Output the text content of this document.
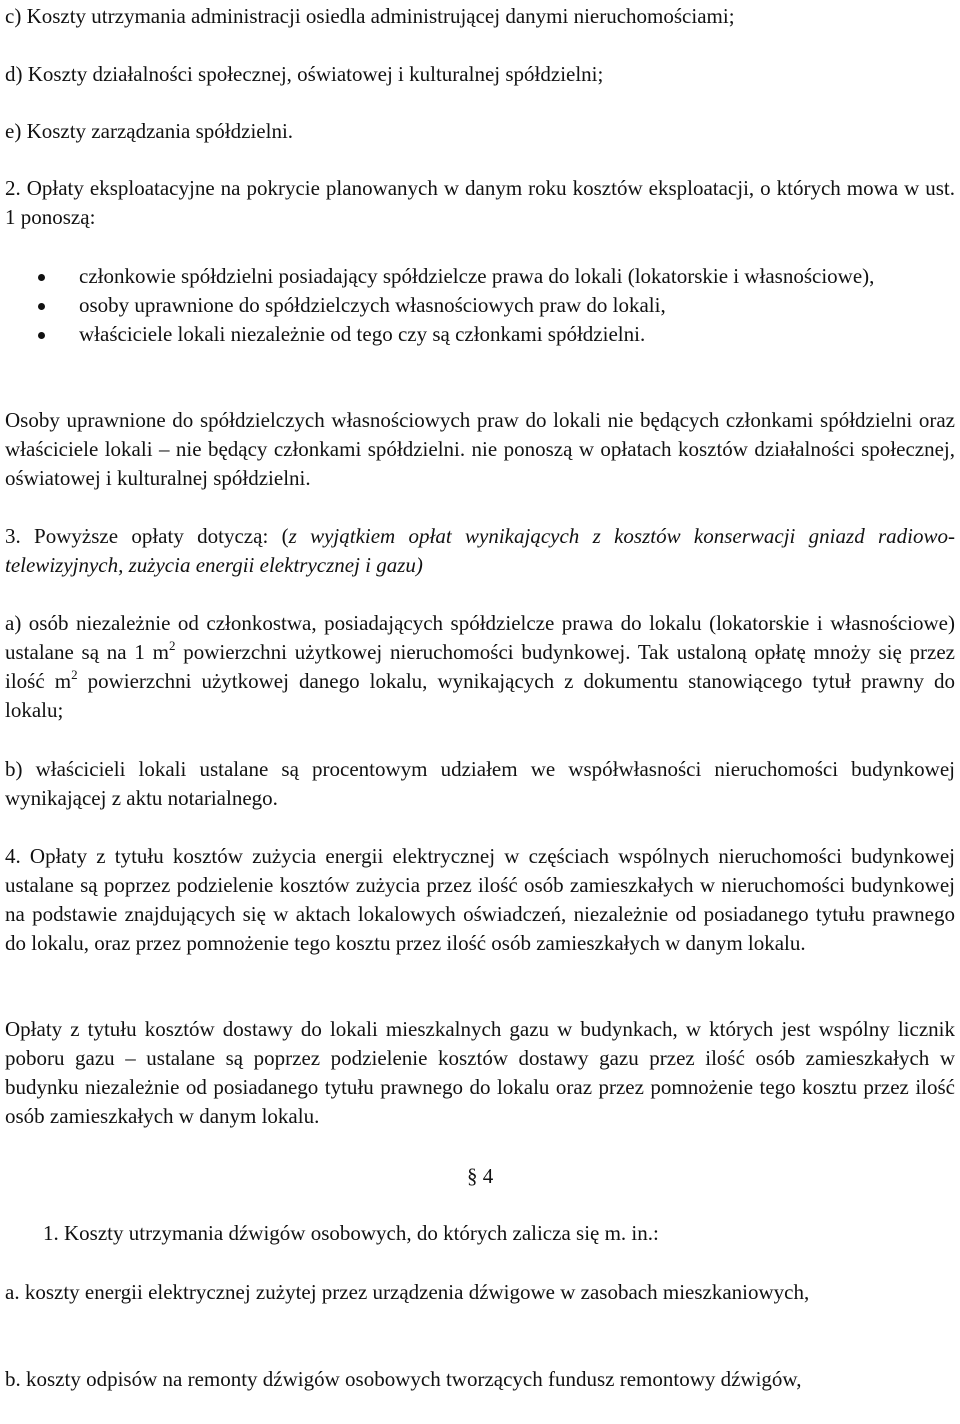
c) Koszty utrzymania administracji osiedla administrującej danymi nieruchomościami;

d) Koszty działalności społecznej, oświatowej i kulturalnej spółdzielni;

e) Koszty zarządzania spółdzielni.

2. Opłaty eksploatacyjne na pokrycie planowanych w danym roku kosztów eksploatacji, o których mowa w ust. 1 ponoszą:

członkowie spółdzielni posiadający spółdzielcze prawa do lokali (lokatorskie i własnościowe),
osoby uprawnione do spółdzielczych własnościowych praw do lokali,
właściciele lokali niezależnie od tego czy są członkami spółdzielni.

Osoby uprawnione do spółdzielczych własnościowych praw do lokali nie będących członkami spółdzielni oraz właściciele lokali – nie będący członkami spółdzielni. nie ponoszą w opłatach kosztów działalności społecznej, oświatowej i kulturalnej spółdzielni.

3. Powyższe opłaty dotyczą: (z wyjątkiem opłat wynikających z kosztów konserwacji gniazd radiowo-telewizyjnych, zużycia energii elektrycznej i gazu)

a) osób niezależnie od członkostwa, posiadających spółdzielcze prawa do lokalu (lokatorskie i własnościowe) ustalane są na 1 $m^2$ powierzchni użytkowej nieruchomości budynkowej. Tak ustaloną opłatę mnoży się przez ilość $m^2$ powierzchni użytkowej danego lokalu, wynikających z dokumentu stanowiącego tytuł prawny do lokalu;

b) właścicieli lokali ustalane są procentowym udziałem we współwłasności nieruchomości budynkowej wynikającej z aktu notarialnego.

4. Opłaty z tytułu kosztów zużycia energii elektrycznej w częściach wspólnych nieruchomości budynkowej ustalane są poprzez podzielenie kosztów zużycia przez ilość osób zamieszkałych w nieruchomości budynkowej na podstawie znajdujących się w aktach lokalowych oświadczeń, niezależnie od posiadanego tytułu prawnego do lokalu, oraz przez pomnożenie tego kosztu przez ilość osób zamieszkałych w danym lokalu.

Opłaty z tytułu kosztów dostawy do lokali mieszkalnych gazu w budynkach, w których jest wspólny licznik poboru gazu – ustalane są poprzez podzielenie kosztów dostawy gazu przez ilość osób zamieszkałych w budynku niezależnie od posiadanego tytułu prawnego do lokalu oraz przez pomnożenie tego kosztu przez ilość osób zamieszkałych w danym lokalu.

§ 4

1. Koszty utrzymania dźwigów osobowych, do których zalicza się m. in.:

a. koszty energii elektrycznej zużytej przez urządzenia dźwigowe w zasobach mieszkaniowych,

b. koszty odpisów na remonty dźwigów osobowych tworzących fundusz remontowy dźwigów,
